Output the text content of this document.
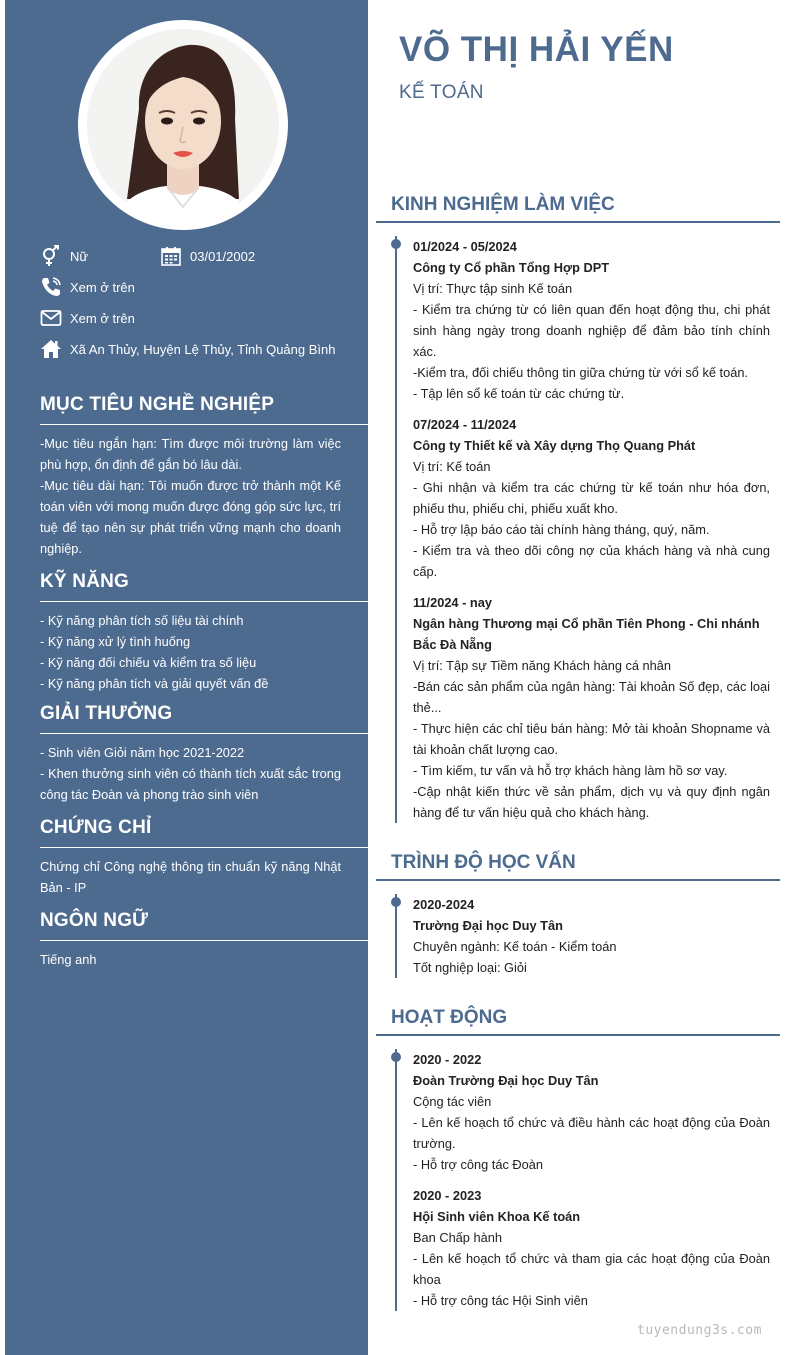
Nữ	03/01/2002
Xem ở trên
Xem ở trên
Xã An Thủy, Huyện Lệ Thủy, Tỉnh Quảng Bình
MỤC TIÊU NGHỀ NGHIỆP

-Mục tiêu ngắn hạn: Tìm được môi trường làm việc phù hợp, ổn định để gắn bó lâu dài.

-Mục tiêu dài hạn: Tôi muốn được trở thành một Kế toán viên với mong muốn được đóng góp sức lực, trí tuệ để tạo nên sự phát triển vững mạnh cho doanh nghiệp.

KỸ NĂNG

- Kỹ năng phân tích số liệu tài chính

- Kỹ năng xử lý tình huống

- Kỹ năng đối chiếu và kiểm tra số liệu

- Kỹ năng phân tích và giải quyết vấn đề

GIẢI THƯỞNG

- Sinh viên Giỏi năm học 2021-2022

- Khen thưởng sinh viên có thành tích xuất sắc trong công tác Đoàn và phong trào sinh viên

CHỨNG CHỈ

Chứng chỉ Công nghệ thông tin chuẩn kỹ năng Nhật Bản - IP

NGÔN NGỮ

Tiếng anh

VÕ THỊ HẢI YẾN
KẾ TOÁN
KINH NGHIỆM LÀM VIỆC
01/2024 - 05/2024
Công ty Cổ phần Tổng Hợp DPT

Vị trí: Thực tập sinh Kế toán

- Kiểm tra chứng từ có liên quan đến hoạt động thu, chi phát sinh hàng ngày trong doanh nghiệp để đảm bảo tính chính xác.

-Kiểm tra, đối chiếu thông tin giữa chứng từ với sổ kế toán.

- Tập lên sổ kế toán từ các chứng từ.

07/2024 - 11/2024
Công ty Thiết kế và Xây dựng Thọ Quang Phát

Vị trí: Kế toán

- Ghi nhận và kiểm tra các chứng từ kế toán như hóa đơn, phiếu thu, phiếu chi, phiếu xuất kho.

- Hỗ trợ lập báo cáo tài chính hàng tháng, quý, năm.

- Kiểm tra và theo dõi công nợ của khách hàng và nhà cung cấp.

11/2024 - nay
Ngân hàng Thương mại Cổ phần Tiên Phong - Chi nhánh Bắc Đà Nẵng

Vị trí: Tập sự Tiềm năng Khách hàng cá nhân

-Bán các sản phẩm của ngân hàng: Tài khoản Số đẹp, các loại thẻ...

- Thực hiện các chỉ tiêu bán hàng: Mở tài khoản Shopname và tài khoản chất lượng cao.

- Tìm kiếm, tư vấn và hỗ trợ khách hàng làm hồ sơ vay.

-Cập nhật kiến thức về sản phẩm, dịch vụ và quy định ngân hàng để tư vấn hiệu quả cho khách hàng.

TRÌNH ĐỘ HỌC VẤN
2020-2024
Trường Đại học Duy Tân

Chuyên ngành: Kế toán - Kiểm toán

Tốt nghiệp loại: Giỏi

HOẠT ĐỘNG
2020 - 2022
Đoàn Trường Đại học Duy Tân

Cộng tác viên

- Lên kế hoạch tổ chức và điều hành các hoạt động của Đoàn trường.

- Hỗ trợ công tác Đoàn

2020 - 2023
Hội Sinh viên Khoa Kế toán

Ban Chấp hành

- Lên kế hoạch tổ chức và tham gia các hoạt động của Đoàn khoa

- Hỗ trợ công tác Hội Sinh viên

tuyendung3s.com
